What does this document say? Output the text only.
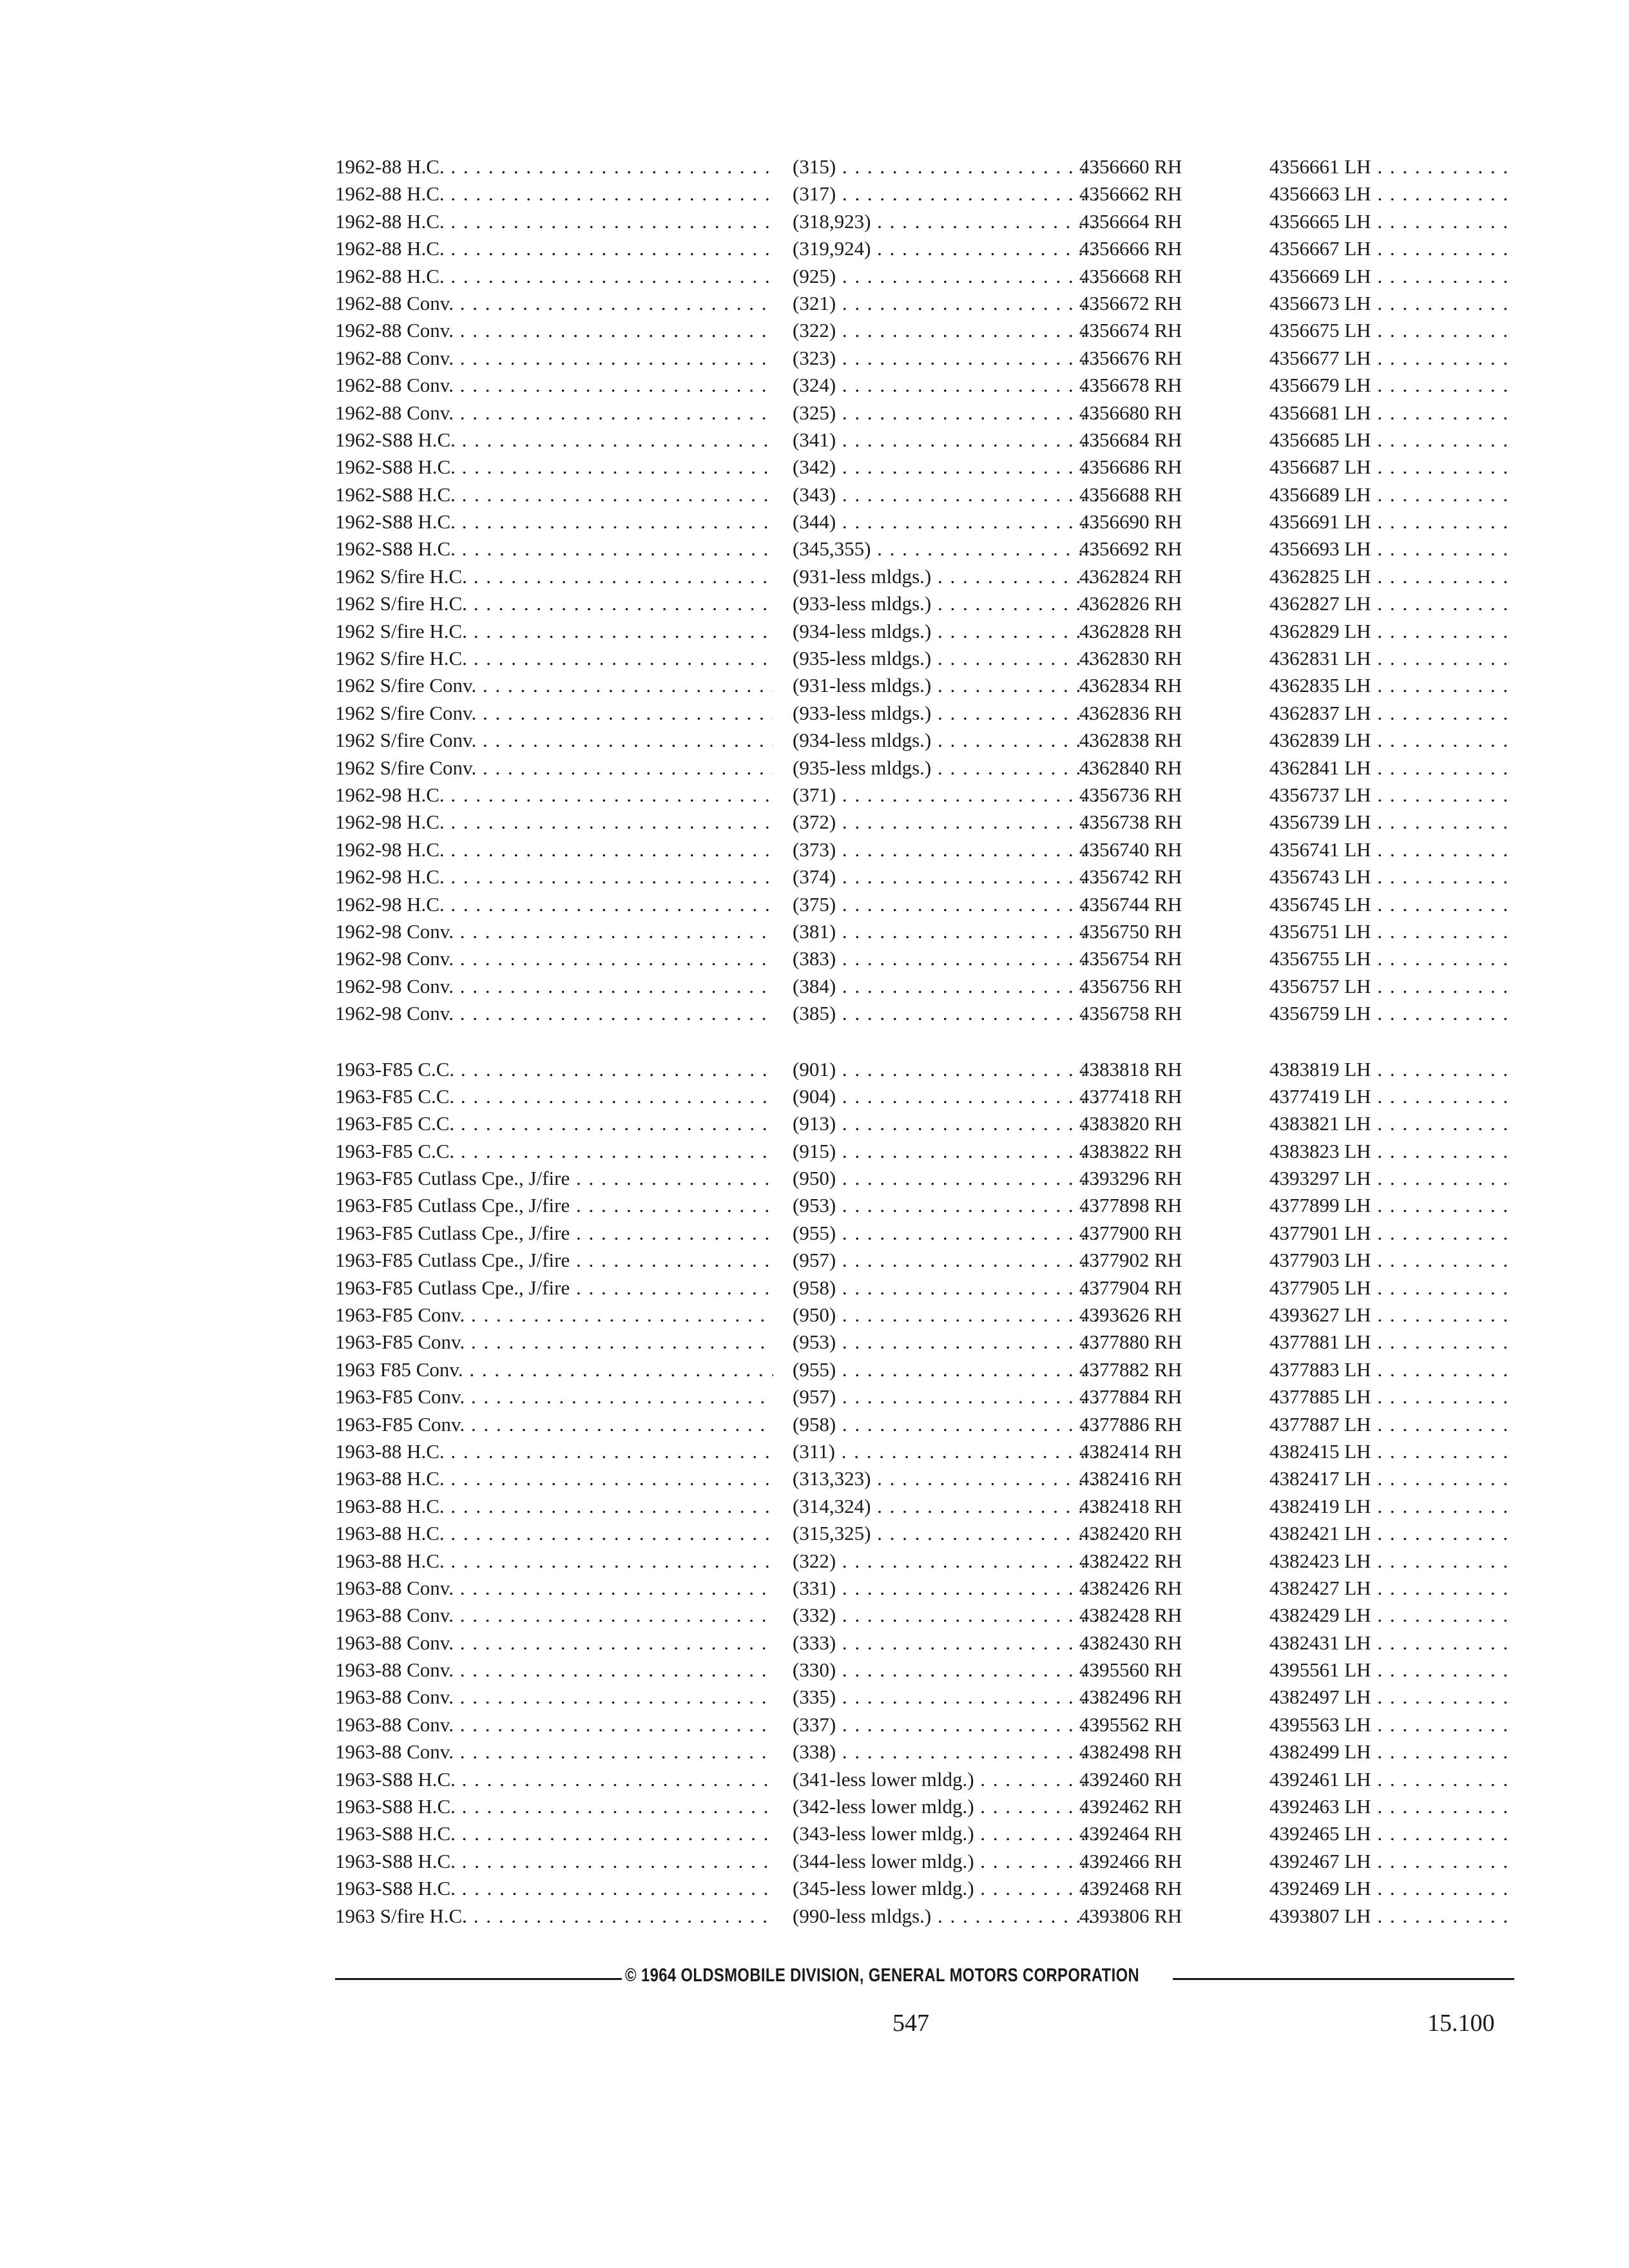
1962-88 H.C. . . .	(315) . . .	4356660 RH	4356661 LH . . .
1962-88 H.C. . . .	(317) . . .	4356662 RH	4356663 LH . . .
1962-88 H.C. . . .	(318,923) . . .	4356664 RH	4356665 LH . . .
1962-88 H.C. . . .	(319,924) . . .	4356666 RH	4356667 LH . . .
1962-88 H.C. . . .	(925) . . .	4356668 RH	4356669 LH . . .
1962-88 Conv. . . .	(321) . . .	4356672 RH	4356673 LH . . .
1962-88 Conv. . . .	(322) . . .	4356674 RH	4356675 LH . . .
1962-88 Conv. . . .	(323) . . .	4356676 RH	4356677 LH . . .
1962-88 Conv. . . .	(324) . . .	4356678 RH	4356679 LH . . .
1962-88 Conv. . . .	(325) . . .	4356680 RH	4356681 LH . . .
1962-S88 H.C. . . .	(341) . . .	4356684 RH	4356685 LH . . .
1962-S88 H.C. . . .	(342) . . .	4356686 RH	4356687 LH . . .
1962-S88 H.C. . . .	(343) . . .	4356688 RH	4356689 LH . . .
1962-S88 H.C. . . .	(344) . . .	4356690 RH	4356691 LH . . .
1962-S88 H.C. . . .	(345,355) . . .	4356692 RH	4356693 LH . . .
1962 S/fire H.C. . . .	(931-less mldgs.) . . .	4362824 RH	4362825 LH . . .
1962 S/fire H.C. . . .	(933-less mldgs.) . . .	4362826 RH	4362827 LH . . .
1962 S/fire H.C. . . .	(934-less mldgs.) . . .	4362828 RH	4362829 LH . . .
1962 S/fire H.C. . . .	(935-less mldgs.) . . .	4362830 RH	4362831 LH . . .
1962 S/fire Conv. . . .	(931-less mldgs.) . . .	4362834 RH	4362835 LH . . .
1962 S/fire Conv. . . .	(933-less mldgs.) . . .	4362836 RH	4362837 LH . . .
1962 S/fire Conv. . . .	(934-less mldgs.) . . .	4362838 RH	4362839 LH . . .
1962 S/fire Conv. . . .	(935-less mldgs.) . . .	4362840 RH	4362841 LH . . .
1962-98 H.C. . . .	(371) . . .	4356736 RH	4356737 LH . . .
1962-98 H.C. . . .	(372) . . .	4356738 RH	4356739 LH . . .
1962-98 H.C. . . .	(373) . . .	4356740 RH	4356741 LH . . .
1962-98 H.C. . . .	(374) . . .	4356742 RH	4356743 LH . . .
1962-98 H.C. . . .	(375) . . .	4356744 RH	4356745 LH . . .
1962-98 Conv. . . .	(381) . . .	4356750 RH	4356751 LH . . .
1962-98 Conv. . . .	(383) . . .	4356754 RH	4356755 LH . . .
1962-98 Conv. . . .	(384) . . .	4356756 RH	4356757 LH . . .
1962-98 Conv. . . .	(385) . . .	4356758 RH	4356759 LH . . .
1963-F85 C.C. . . .	(901) . . .	4383818 RH	4383819 LH . . .
1963-F85 C.C. . . .	(904) . . .	4377418 RH	4377419 LH . . .
1963-F85 C.C. . . .	(913) . . .	4383820 RH	4383821 LH . . .
1963-F85 C.C. . . .	(915) . . .	4383822 RH	4383823 LH . . .
1963-F85 Cutlass Cpe., J/fire . . .	(950) . . .	4393296 RH	4393297 LH . . .
1963-F85 Cutlass Cpe., J/fire . . .	(953) . . .	4377898 RH	4377899 LH . . .
1963-F85 Cutlass Cpe., J/fire . . .	(955) . . .	4377900 RH	4377901 LH . . .
1963-F85 Cutlass Cpe., J/fire . . .	(957) . . .	4377902 RH	4377903 LH . . .
1963-F85 Cutlass Cpe., J/fire . . .	(958) . . .	4377904 RH	4377905 LH . . .
1963-F85 Conv. . . .	(950) . . .	4393626 RH	4393627 LH . . .
1963-F85 Conv. . . .	(953) . . .	4377880 RH	4377881 LH . . .
1963 F85 Conv. . . .	(955) . . .	4377882 RH	4377883 LH . . .
1963-F85 Conv. . . .	(957) . . .	4377884 RH	4377885 LH . . .
1963-F85 Conv. . . .	(958) . . .	4377886 RH	4377887 LH . . .
1963-88 H.C. . . .	(311) . . .	4382414 RH	4382415 LH . . .
1963-88 H.C. . . .	(313,323) . . .	4382416 RH	4382417 LH . . .
1963-88 H.C. . . .	(314,324) . . .	4382418 RH	4382419 LH . . .
1963-88 H.C. . . .	(315,325) . . .	4382420 RH	4382421 LH . . .
1963-88 H.C. . . .	(322) . . .	4382422 RH	4382423 LH . . .
1963-88 Conv. . . .	(331) . . .	4382426 RH	4382427 LH . . .
1963-88 Conv. . . .	(332) . . .	4382428 RH	4382429 LH . . .
1963-88 Conv. . . .	(333) . . .	4382430 RH	4382431 LH . . .
1963-88 Conv. . . .	(330) . . .	4395560 RH	4395561 LH . . .
1963-88 Conv. . . .	(335) . . .	4382496 RH	4382497 LH . . .
1963-88 Conv. . . .	(337) . . .	4395562 RH	4395563 LH . . .
1963-88 Conv. . . .	(338) . . .	4382498 RH	4382499 LH . . .
1963-S88 H.C. . . .	(341-less lower mldg.) . . .	4392460 RH	4392461 LH . . .
1963-S88 H.C. . . .	(342-less lower mldg.) . . .	4392462 RH	4392463 LH . . .
1963-S88 H.C. . . .	(343-less lower mldg.) . . .	4392464 RH	4392465 LH . . .
1963-S88 H.C. . . .	(344-less lower mldg.) . . .	4392466 RH	4392467 LH . . .
1963-S88 H.C. . . .	(345-less lower mldg.) . . .	4392468 RH	4392469 LH . . .
1963 S/fire H.C. . . .	(990-less mldgs.) . . .	4393806 RH	4393807 LH . . .
© 1964 OLDSMOBILE DIVISION, GENERAL MOTORS CORPORATION
547	15.100
